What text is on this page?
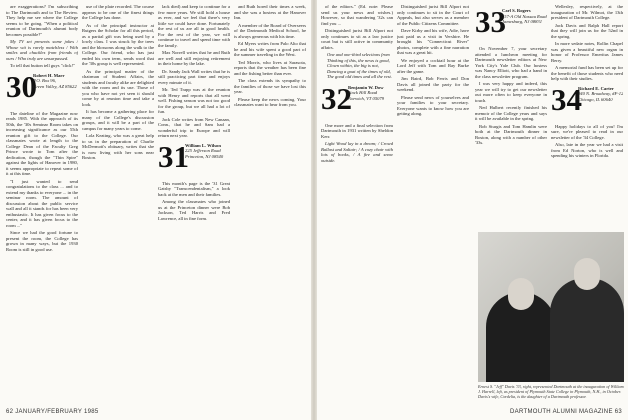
are exaggerations? I'm subscribing to The Dartmouth and to The Review. They help me see where the College seems to be going. "When a political reunion of Dartmouth's alumni body becomes possible?"

My TV set presents some jokes / Whose wit is rarely matchless / With smiles and chuckles from friends of ours / Who truly are unsurpassed.

To tell that button tell guys "click!"

30
Robert H. Marr
P.O. Box 96,
Green Valley, AZ 85622

The dateline of the Magazine now reads 1985. With the approach of its 50th, the '30s Seminar Room takes on increasing significance as our 55th reunion gift to the College. Our classmates wrote at length to the College Dean of the Faculty Greg Prince wrote to Tom after the dedication, though the "Thin Spire" against the lights of Hanover in 1980, it seems appropriate to repeat some of it at this time.

"I just wanted to send congratulations to the class ... and to extend my thanks to everyone ... in the seminar room. The amount of discussion about the public service wall and all it stands for has been very enthusiastic. It has given focus to the center, and it has given focus to the room ..."

Since we had the good fortune to present the room, the College has grown in many ways, but the 1930 Room is still in good use.

use of the plate recorded. The course appears to be one of the finest things the College has done.

As of the principal instructor at Rutgers the Scholar for all this period, as a partial gift was being used by a lowly class. I was struck by the trees and the blossoms along the walk to the College. Our friend, who has just ended his own term, sends word that the '30s group is well represented.

As the principal matter of the chairman of Student Affairs, the students and faculty alike are delighted with the room and its use. Those of you who have not yet seen it should come by at reunion time and take a look.

It has become a gathering place for many of the College's discussion groups, and it will be a part of the campus for many years to come.

Lola Keating, who was a great help to us in the preparation of Charlie McDermott's obituary, writes that she is now living with her sons near Boston.

lack died) and keep to continue for a few more years. We still hold a house as ever, and we feel that there's very little we could have done. Fortunately the rest of us are all in good health. For the rest of the year, we will continue to travel and spend time with the family.

Max Norrell writes that he and Ruth are well and still enjoying retirement in their home by the lake.

Dr. Sandy Jack Wall writes that he is still practicing part time and enjoys every minute of it.

Mr. Ted Trapp was at the reunion with Henry and reports that all went well. Fishing season was not too good for the group, but we all had a lot of fun.

Jack Cole writes from New Canaan, Conn., that he and Sam had a wonderful trip to Europe and will return next year.

31
William L. Wilson
225 Jefferson Road
Princeton, NJ 08540

This month's page is the '31 Great Gatsby "Transcendentalism," a look back at the men and their families.

Among the classmates who joined us at the Princeton dinner were Bob Jackson, Ted Harris and Fred Lawrence, all in fine form.

and Ruth hored their times a week, and she was a hostess at the Hanover Inn.

A member of the Board of Overseers of the Dartmouth Medical School, he is always generous with his time.

Ed Myers writes from Palo Alto that he and his wife spent a good part of the summer traveling in the West.

Ted Morris, who lives at Sarasota, reports that the weather has been fine and the fishing better than ever.

The class extends its sympathy to the families of those we have lost this year.

Please keep the news coming. Your classmates want to hear from you.

62 JANUARY/FEBRUARY 1985

of the editors." (Ed. note: Please send us your news and wishes.) However, so that wandering '32s can find you ...

Distinguished jurist Bill Alport not only continues to sit as a law justice court but is still active in community affairs.

One and one-third selections from

Thinking of this, the news is good,

Clown within, the big is not,

Dancing a goat of the times of old,

The good old times and all the rest.

32
Benjamin W. Dow
Stock Hill Road
Norwich, VT 05079

One more and a final selection from Dartmouth in 1931 written by Sheldon Kerr.

Light Wood lay in a dream; / Crowd Ballast and Saltair; / A cozy chair with lots of books, / A fire and snow outside.

Distinguished jurist Bill Alport not only continues to sit in the Court of Appeals, but also serves as a member of the Public Citizens Committee.

Dave Kirby and his wife, Adie, have just paid us a visit in Vershire. He brought his "Connecticut River" photos, complete with a fine narration that was a great hit.

We enjoyed a cocktail hour at the Lord Jeff with Tom and Ray Burke after the game.

Jim Baird, Bob Ferris and Don Davis all joined the party for the weekend.

Please send news of yourselves and your families to your secretary. Everyone wants to know how you are getting along.

33
Carl S. Rogers
157-A Old Nassau Road
Jamesburg, NJ 08831

On November 7, your secretary attended a luncheon meeting for Dartmouth newsletter editors at New York City's Yale Club. Our hostess was Nancy Elliott, who had a hand in the class newsletter program.

I was very happy and indeed, this year we will try to get our newsletter out more often to keep everyone in touch.

Ned Hulbert recently finished his memoir of the College years and says it will be available in the spring.

Bob Sturgis and Tom Hamlin were both at the Dartmouth dinner in Boston, along with a number of other '33s.

Wellesley, respectively, at the inauguration of Mr. Wilmot, the 13th president of Dartmouth College.

Jack Davis and Ralph Hall report that they will join us for the 52nd in the spring.

In more sedate notes, Rollin Chapel was given a beautiful new organ in honor of Professor Emeritus James Berry.

A memorial fund has been set up for the benefit of those students who need help with their studies.

34
Richard E. Carter
940 N. Broadway, #F-12
Chicago, IL 60640

Happy holidays to all of you! I'm sure, we're pleased to read in our newsletter of the '34 College.

Also, late in the year we had a visit from Ed Norton, who is well and spending his winters in Florida.

Ernest S. "Jeff" Davis '33, right, represented Dartmouth at the inauguration of William J. Harrell, left, as president of Plymouth State College in Plymouth, N.H., in October. Davis's wife, Cordelia, is the daughter of a Dartmouth professor.
DARTMOUTH ALUMNI MAGAZINE 63
